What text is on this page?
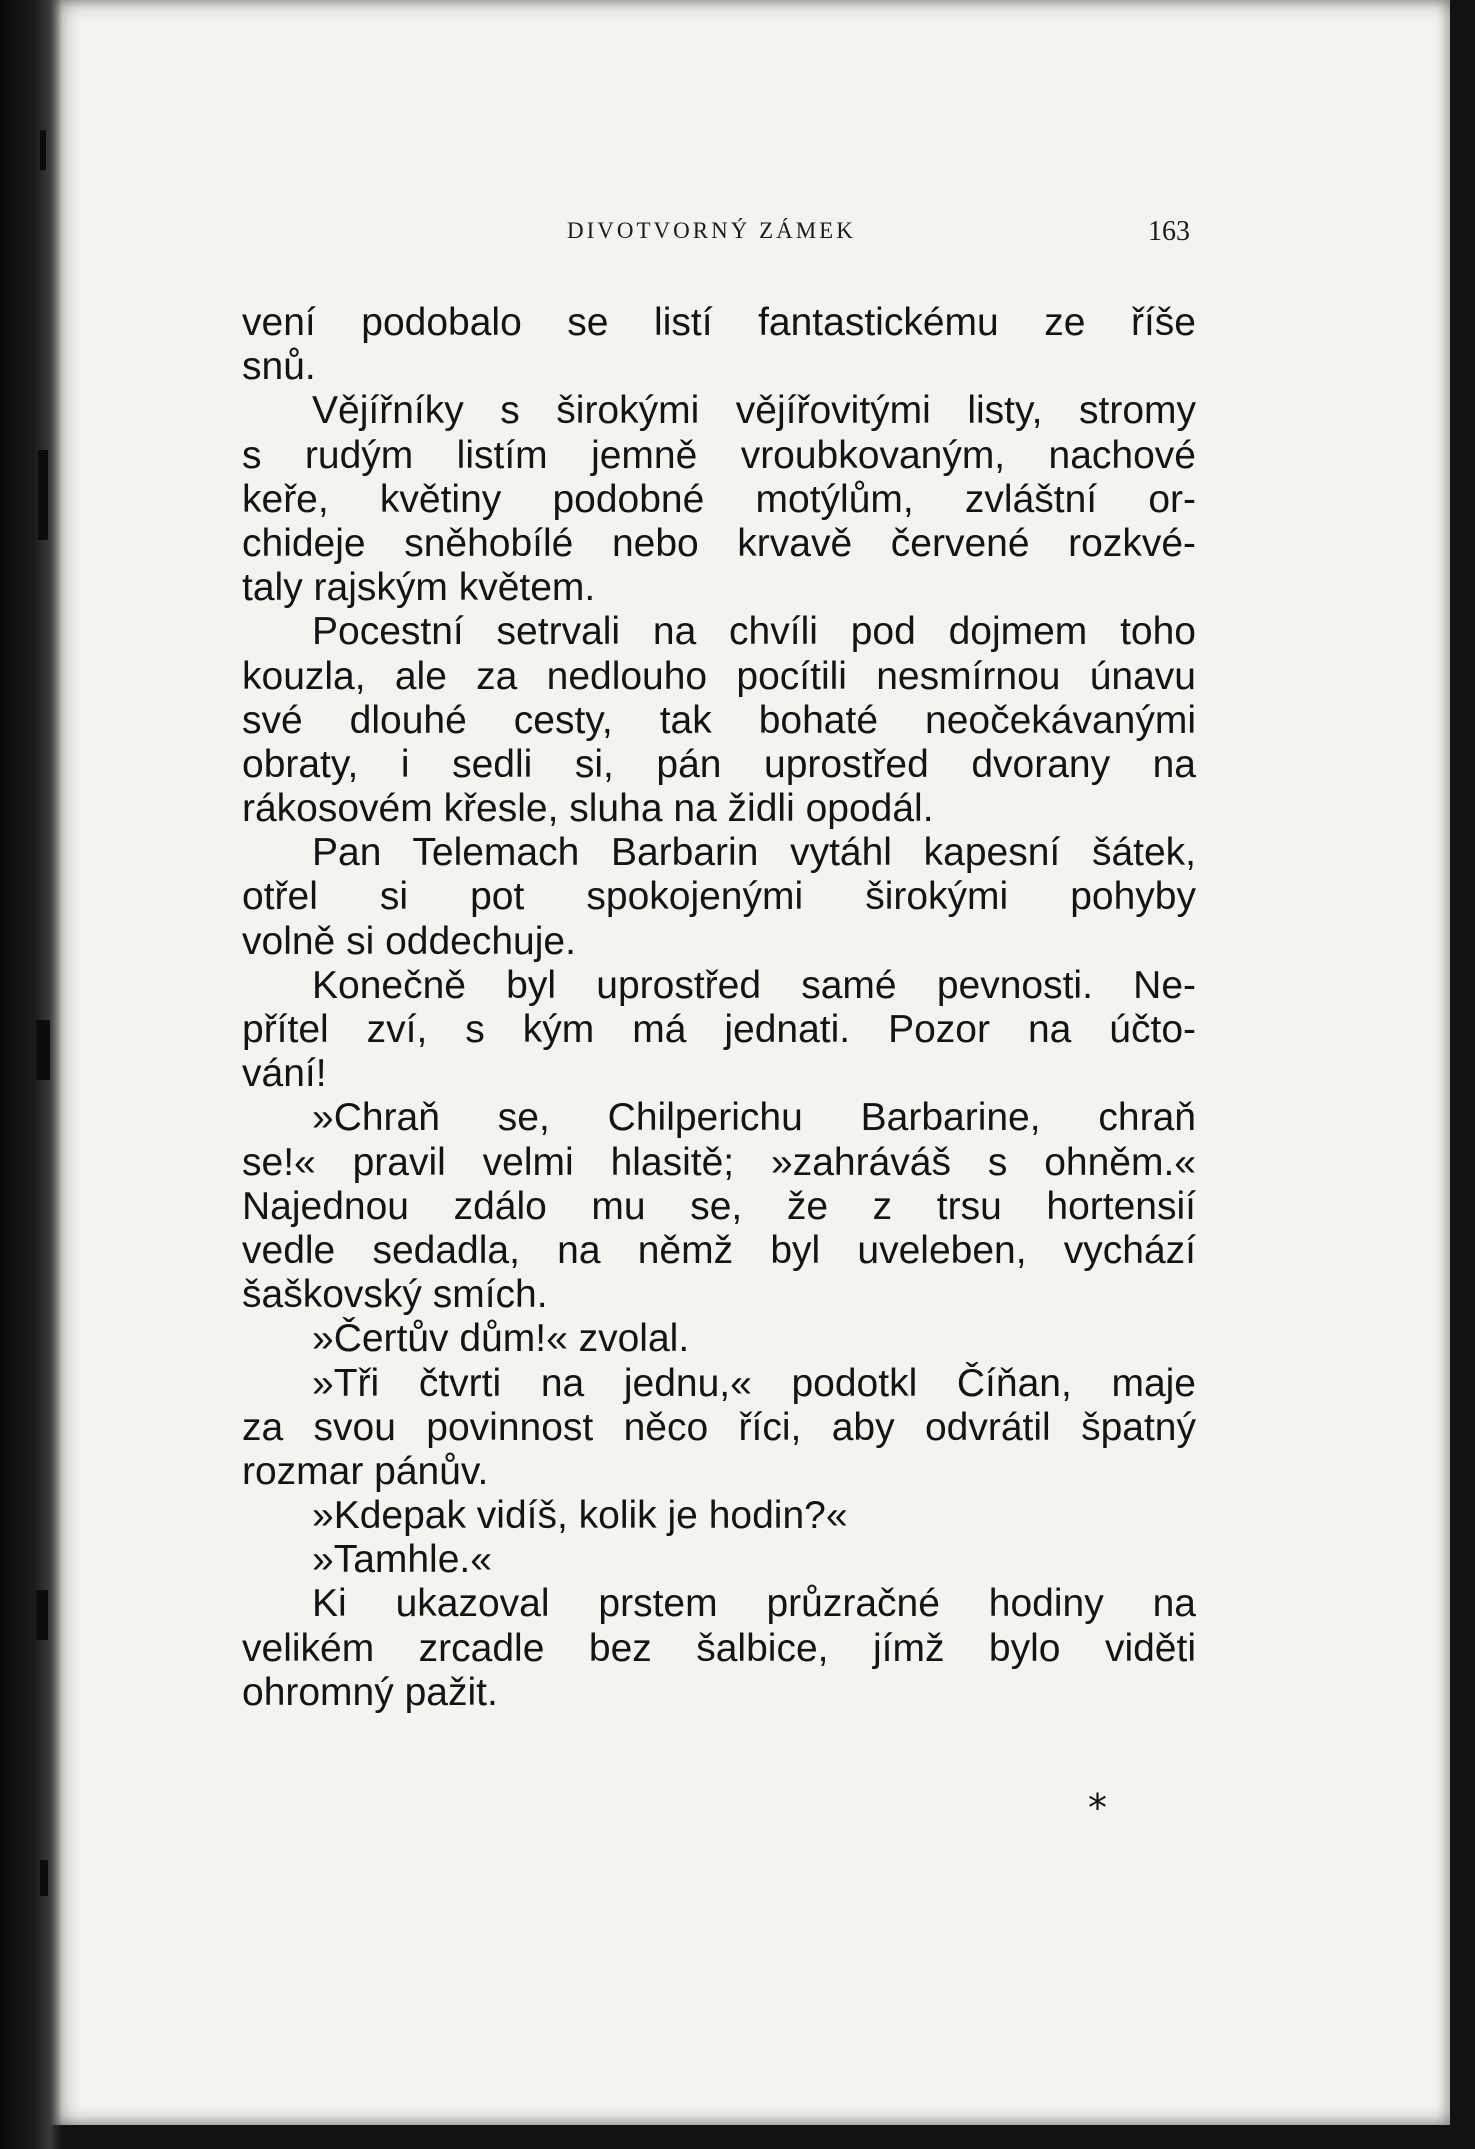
DIVOTVORNÝ ZÁMEK	163
vení podobalo se listí fantastickému ze říše
snů.
Vějířníky s širokými vějířovitými listy, stromy
s rudým listím jemně vroubkovaným, nachové
keře, květiny podobné motýlům, zvláštní or-
chideje sněhobílé nebo krvavě červené rozkvé-
taly rajským květem.
Pocestní setrvali na chvíli pod dojmem toho
kouzla, ale za nedlouho pocítili nesmírnou únavu
své dlouhé cesty, tak bohaté neočekávanými
obraty, i sedli si, pán uprostřed dvorany na
rákosovém křesle, sluha na židli opodál.
Pan Telemach Barbarin vytáhl kapesní šátek,
otřel si pot spokojenými širokými pohyby
volně si oddechuje.
Konečně byl uprostřed samé pevnosti. Ne-
přítel zví, s kým má jednati. Pozor na účto-
vání!
»Chraň se, Chilperichu Barbarine, chraň
se!« pravil velmi hlasitě; »zahráváš s ohněm.«
Najednou zdálo mu se, že z trsu hortensií
vedle sedadla, na němž byl uveleben, vychází
šaškovský smích.
»Čertův dům!« zvolal.
»Tři čtvrti na jednu,« podotkl Číňan, maje
za svou povinnost něco říci, aby odvrátil špatný
rozmar pánův.
»Kdepak vidíš, kolik je hodin?«
»Tamhle.«
Ki ukazoval prstem průzračné hodiny na
velikém zrcadle bez šalbice, jímž bylo viděti
ohromný pažit.
*
